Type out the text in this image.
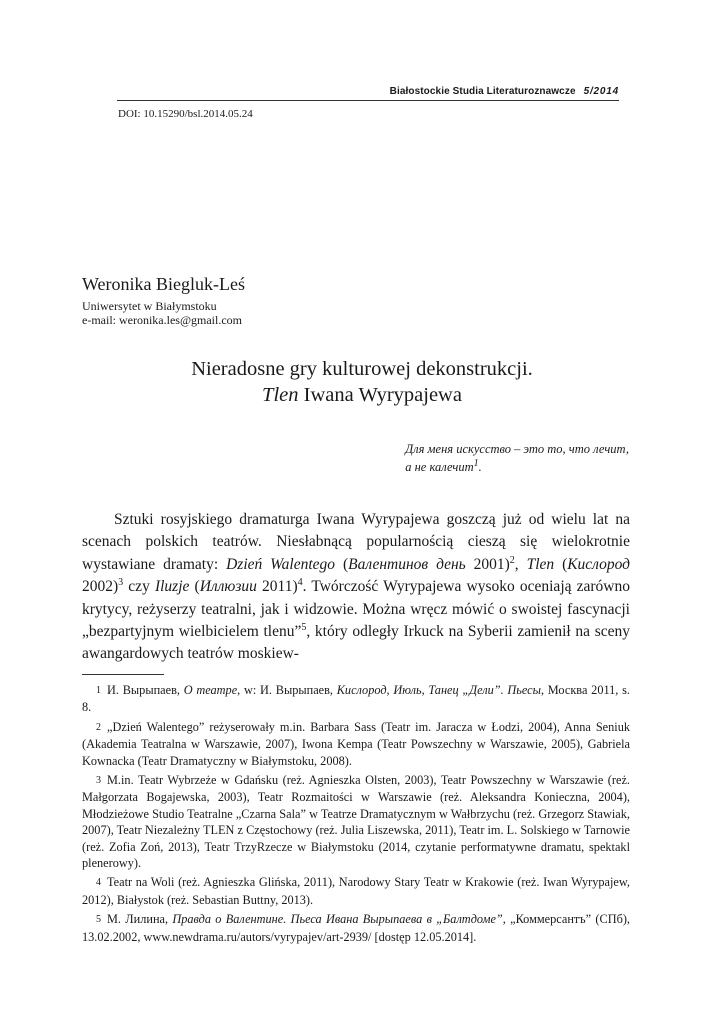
Białostockie Studia Literaturoznawcze 5/2014
DOI: 10.15290/bsl.2014.05.24
Weronika Biegluk-Leś
Uniwersytet w Białymstoku
e-mail: weronika.les@gmail.com
Nieradosne gry kulturowej dekonstrukcji.
Tlen Iwana Wyrypajewa
Для меня искусство – это то, что лечит,
а не калечит$^1$.

Sztuki rosyjskiego dramaturga Iwana Wyrypajewa goszczą już od wielu lat na scenach polskich teatrów. Niesłabnącą popularnością cieszą się wielokrotnie wystawiane dramaty: Dzień Walentego (Валентинов день 2001)$^2$, Tlen (Кислород 2002)$^3$ czy Iluzje (Иллюзии 2011)$^4$. Twórczość Wyrypajewa wysoko oceniają zarówno krytycy, reżyserzy teatralni, jak i widzowie. Można wręcz mówić o swoistej fascynacji „bezpartyjnym wielbicielem tlenu”$^5$, który odległy Irkuck na Syberii zamienił na sceny awangardowych teatrów moskiew-

1 И. Вырыпаев, О театре, w: И. Вырыпаев, Кислород, Июль, Танец „Дели”. Пьесы, Москва 2011, s. 8.

2 „Dzień Walentego” reżyserowały m.in. Barbara Sass (Teatr im. Jaracza w Łodzi, 2004), Anna Seniuk (Akademia Teatralna w Warszawie, 2007), Iwona Kempa (Teatr Powszechny w Warszawie, 2005), Gabriela Kownacka (Teatr Dramatyczny w Białymstoku, 2008).

3 M.in. Teatr Wybrzeże w Gdańsku (reż. Agnieszka Olsten, 2003), Teatr Powszechny w Warszawie (reż. Małgorzata Bogajewska, 2003), Teatr Rozmaitości w Warszawie (reż. Aleksandra Konieczna, 2004), Młodzieżowe Studio Teatralne „Czarna Sala” w Teatrze Dramatycznym w Wałbrzychu (reż. Grzegorz Stawiak, 2007), Teatr Niezależny TLEN z Częstochowy (reż. Julia Liszewska, 2011), Teatr im. L. Solskiego w Tarnowie (reż. Zofia Zoń, 2013), Teatr TrzyRzecze w Białymstoku (2014, czytanie performatywne dramatu, spektakl plenerowy).

4 Teatr na Woli (reż. Agnieszka Glińska, 2011), Narodowy Stary Teatr w Krakowie (reż. Iwan Wyrypajew, 2012), Białystok (reż. Sebastian Buttny, 2013).

5 М. Лилина, Правда о Валентине. Пьеса Ивана Вырыпаева в „Балтдоме”, „Коммерсантъ” (СПб), 13.02.2002, www.newdrama.ru/autors/vyrypajev/art-2939/ [dostęp 12.05.2014].
